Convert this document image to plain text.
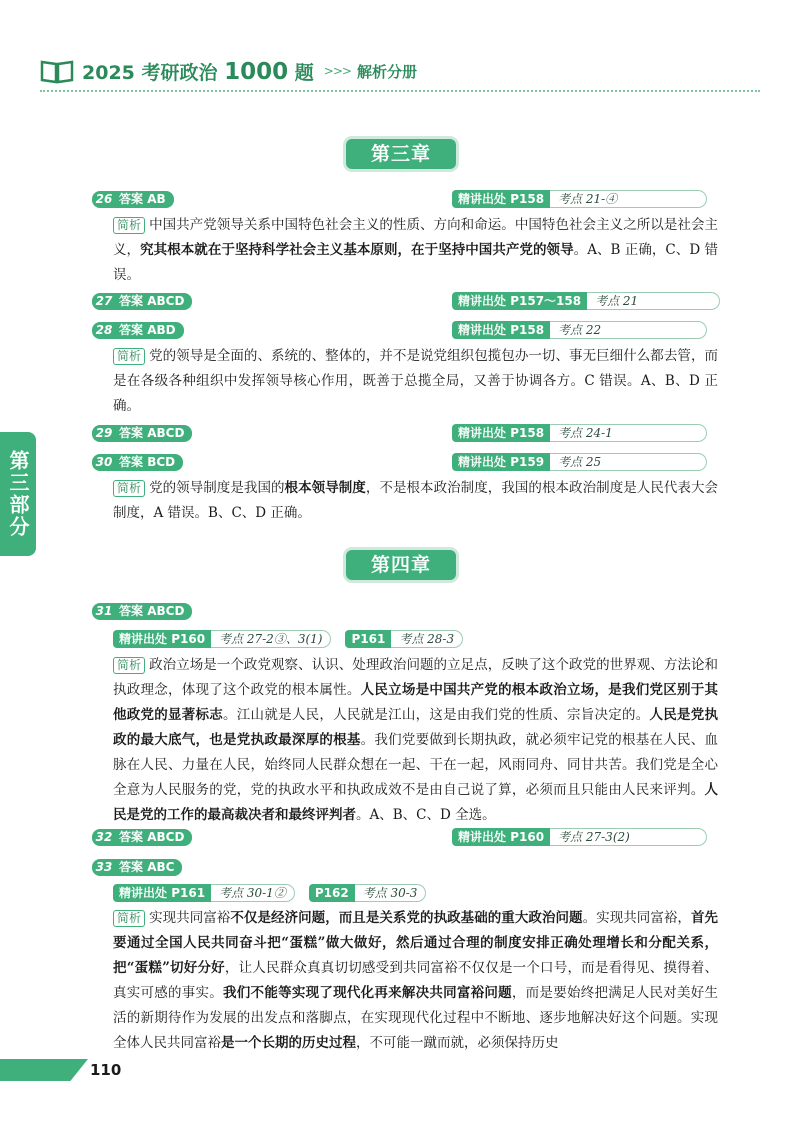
2025 考研政治 1000 题 >>> 解析分册
第三部分
第三章
26 答案 AB	精讲出处 P158	考点 21-④
简析 中国共产党领导关系中国特色社会主义的性质、方向和命运。中国特色社会主义之所以是社会主义，究其根本就在于坚持科学社会主义基本原则，在于坚持中国共产党的领导。A、B 正确，C、D 错误。
27 答案 ABCD	精讲出处 P157～158	考点 21
28 答案 ABD	精讲出处 P158	考点 22
简析 党的领导是全面的、系统的、整体的，并不是说党组织包揽包办一切、事无巨细什么都去管，而是在各级各种组织中发挥领导核心作用，既善于总揽全局，又善于协调各方。C 错误。A、B、D 正确。
29 答案 ABCD	精讲出处 P158	考点 24-1
30 答案 BCD	精讲出处 P159	考点 25
简析 党的领导制度是我国的根本领导制度，不是根本政治制度，我国的根本政治制度是人民代表大会制度，A 错误。B、C、D 正确。
第四章
31 答案 ABCD
精讲出处 P160	考点 27-2③、3(1)	P161	考点 28-3
简析 政治立场是一个政党观察、认识、处理政治问题的立足点，反映了这个政党的世界观、方法论和执政理念，体现了这个政党的根本属性。人民立场是中国共产党的根本政治立场，是我们党区别于其他政党的显著标志。江山就是人民，人民就是江山，这是由我们党的性质、宗旨决定的。人民是党执政的最大底气，也是党执政最深厚的根基。我们党要做到长期执政，就必须牢记党的根基在人民、血脉在人民、力量在人民，始终同人民群众想在一起、干在一起，风雨同舟、同甘共苦。我们党是全心全意为人民服务的党，党的执政水平和执政成效不是由自己说了算，必须而且只能由人民来评判。人民是党的工作的最高裁决者和最终评判者。A、B、C、D 全选。
32 答案 ABCD	精讲出处 P160	考点 27-3(2)
33 答案 ABC
精讲出处 P161	考点 30-1②	P162	考点 30-3
简析 实现共同富裕不仅是经济问题，而且是关系党的执政基础的重大政治问题。实现共同富裕，首先要通过全国人民共同奋斗把“蛋糕”做大做好，然后通过合理的制度安排正确处理增长和分配关系，把“蛋糕”切好分好，让人民群众真真切切感受到共同富裕不仅仅是一个口号，而是看得见、摸得着、真实可感的事实。我们不能等实现了现代化再来解决共同富裕问题，而是要始终把满足人民对美好生活的新期待作为发展的出发点和落脚点，在实现现代化过程中不断地、逐步地解决好这个问题。实现全体人民共同富裕是一个长期的历史过程，不可能一蹴而就，必须保持历史
110
